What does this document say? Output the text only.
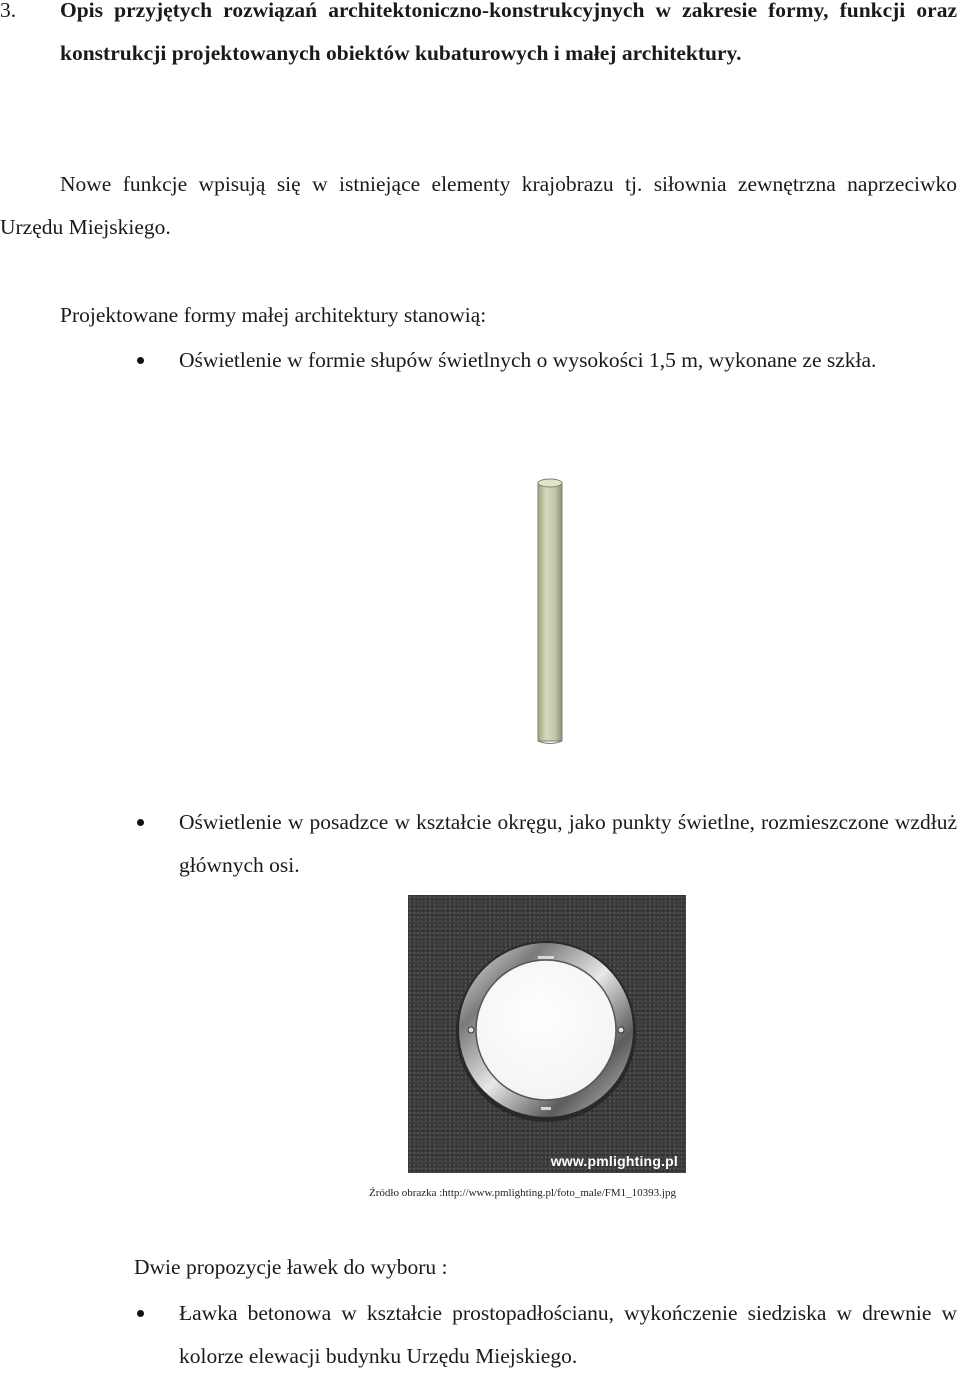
3. Opis przyjętych rozwiązań architektoniczno-konstrukcyjnych w zakresie formy, funkcji oraz konstrukcji projektowanych obiektów kubaturowych i małej architektury.
Nowe funkcje wpisują się w istniejące elementy krajobrazu tj. siłownia zewnętrzna naprzeciwko Urzędu Miejskiego.
Projektowane formy małej architektury stanowią:
Oświetlenie w formie słupów świetlnych o wysokości 1,5 m, wykonane ze szkła.
Oświetlenie w posadzce w kształcie okręgu, jako punkty świetlne, rozmieszczone wzdłuż głównych osi.
www.pmlighting.pl
Źródło obrazka :http://www.pmlighting.pl/foto_male/FM1_10393.jpg
Dwie propozycje ławek do wyboru :
Ławka betonowa w kształcie prostopadłościanu, wykończenie siedziska w drewnie w kolorze elewacji budynku Urzędu Miejskiego.
